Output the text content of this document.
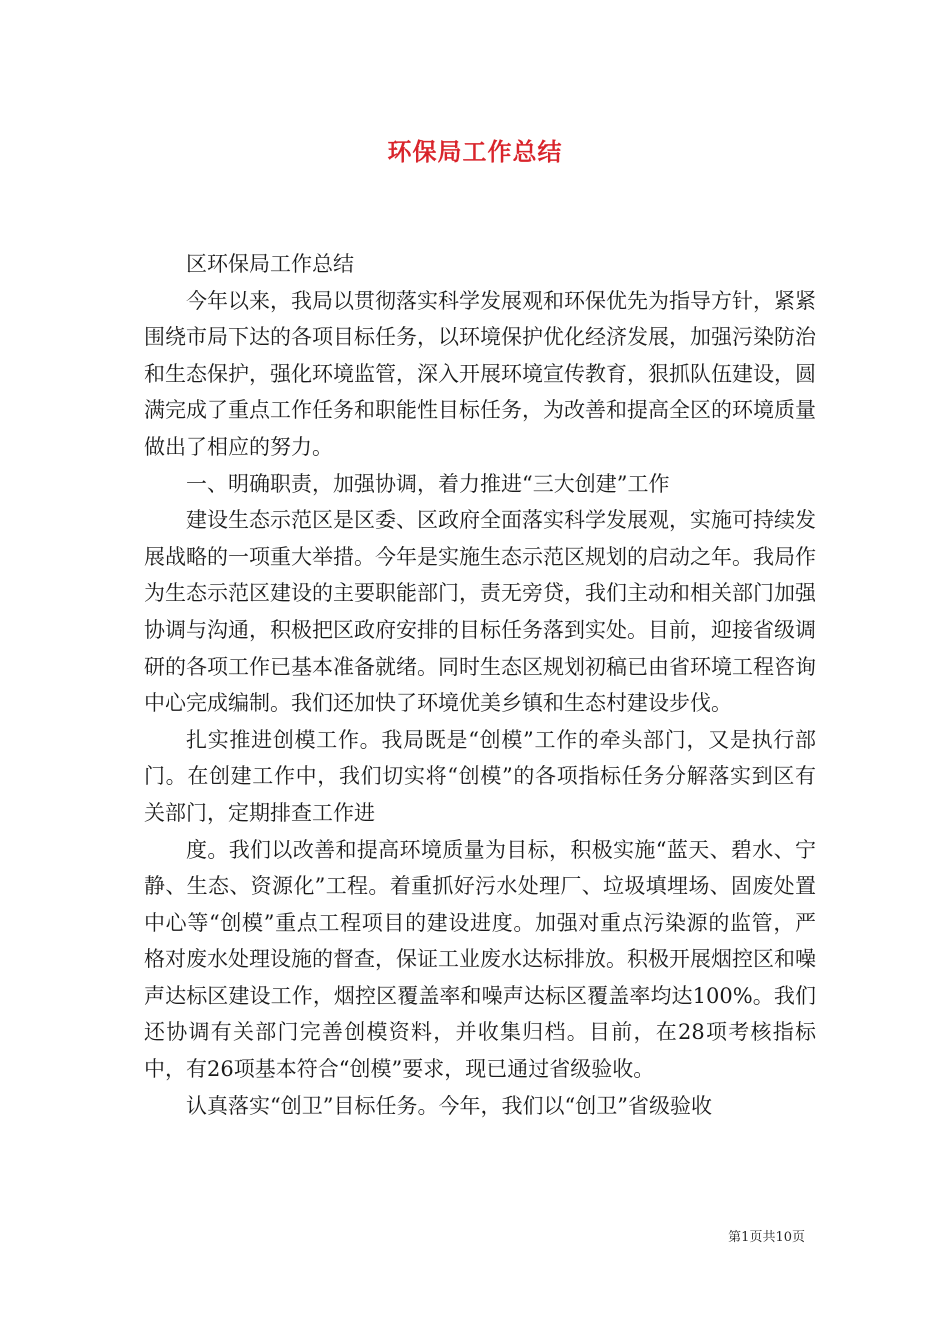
环保局工作总结

区环保局工作总结

今年以来，我局以贯彻落实科学发展观和环保优先为指导方针，紧紧围绕市局下达的各项目标任务，以环境保护优化经济发展，加强污染防治和生态保护，强化环境监管，深入开展环境宣传教育，狠抓队伍建设，圆满完成了重点工作任务和职能性目标任务，为改善和提高全区的环境质量做出了相应的努力。

一、明确职责，加强协调，着力推进“三大创建”工作

建设生态示范区是区委、区政府全面落实科学发展观，实施可持续发展战略的一项重大举措。今年是实施生态示范区规划的启动之年。我局作为生态示范区建设的主要职能部门，责无旁贷，我们主动和相关部门加强协调与沟通，积极把区政府安排的目标任务落到实处。目前，迎接省级调研的各项工作已基本准备就绪。同时生态区规划初稿已由省环境工程咨询中心完成编制。我们还加快了环境优美乡镇和生态村建设步伐。

扎实推进创模工作。我局既是“创模”工作的牵头部门，又是执行部门。在创建工作中，我们切实将“创模”的各项指标任务分解落实到区有关部门，定期排查工作进

度。我们以改善和提高环境质量为目标，积极实施“蓝天、碧水、宁静、生态、资源化”工程。着重抓好污水处理厂、垃圾填埋场、固废处置中心等“创模”重点工程项目的建设进度。加强对重点污染源的监管，严格对废水处理设施的督查，保证工业废水达标排放。积极开展烟控区和噪声达标区建设工作，烟控区覆盖率和噪声达标区覆盖率均达100%。我们还协调有关部门完善创模资料，并收集归档。目前，在28项考核指标中，有26项基本符合“创模”要求，现已通过省级验收。

认真落实“创卫”目标任务。今年，我们以“创卫”省级验收

第1页共10页
